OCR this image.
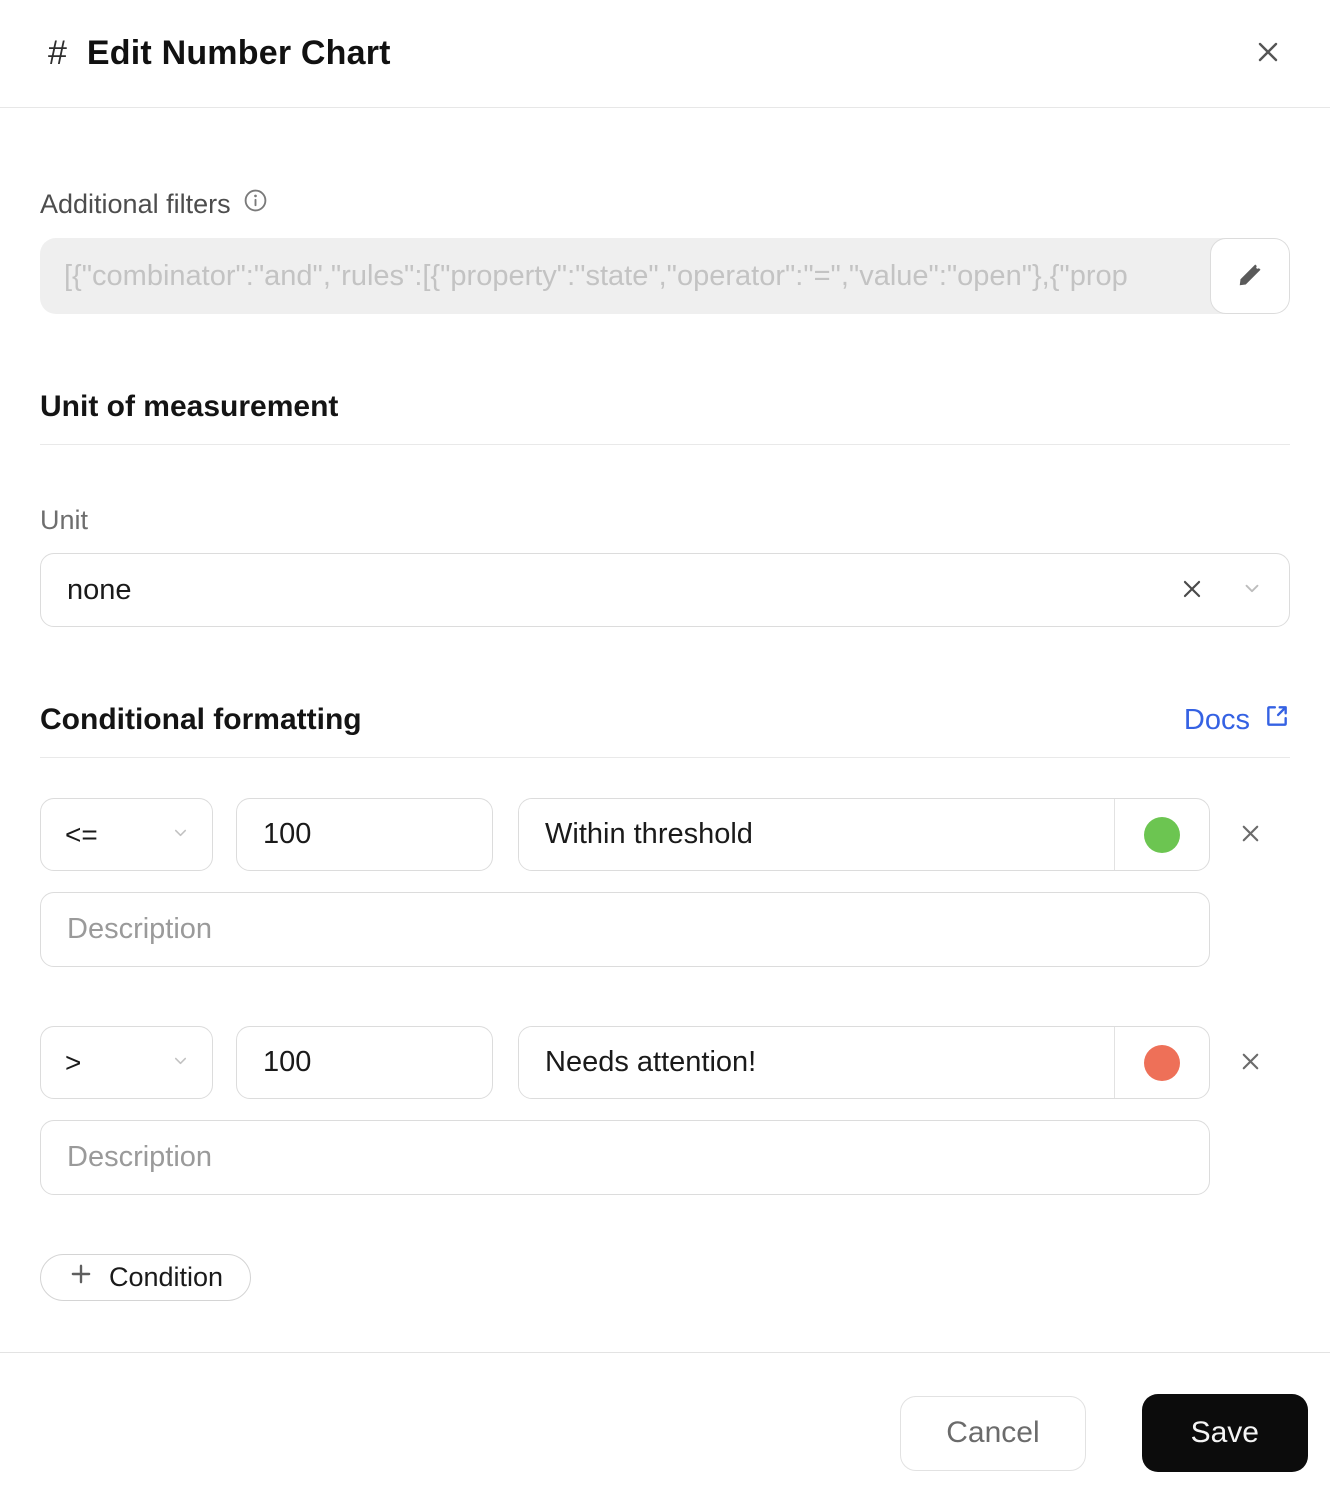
# Edit Number Chart
Additional filters
[{"combinator":"and","rules":[{"property":"state","operator":"=","value":"open"},{"prop
Unit of measurement
Unit
none
Conditional formatting	Docs
<=
100
Within threshold
Description
>
100
Needs attention!
Description
Condition
Cancel	Save
